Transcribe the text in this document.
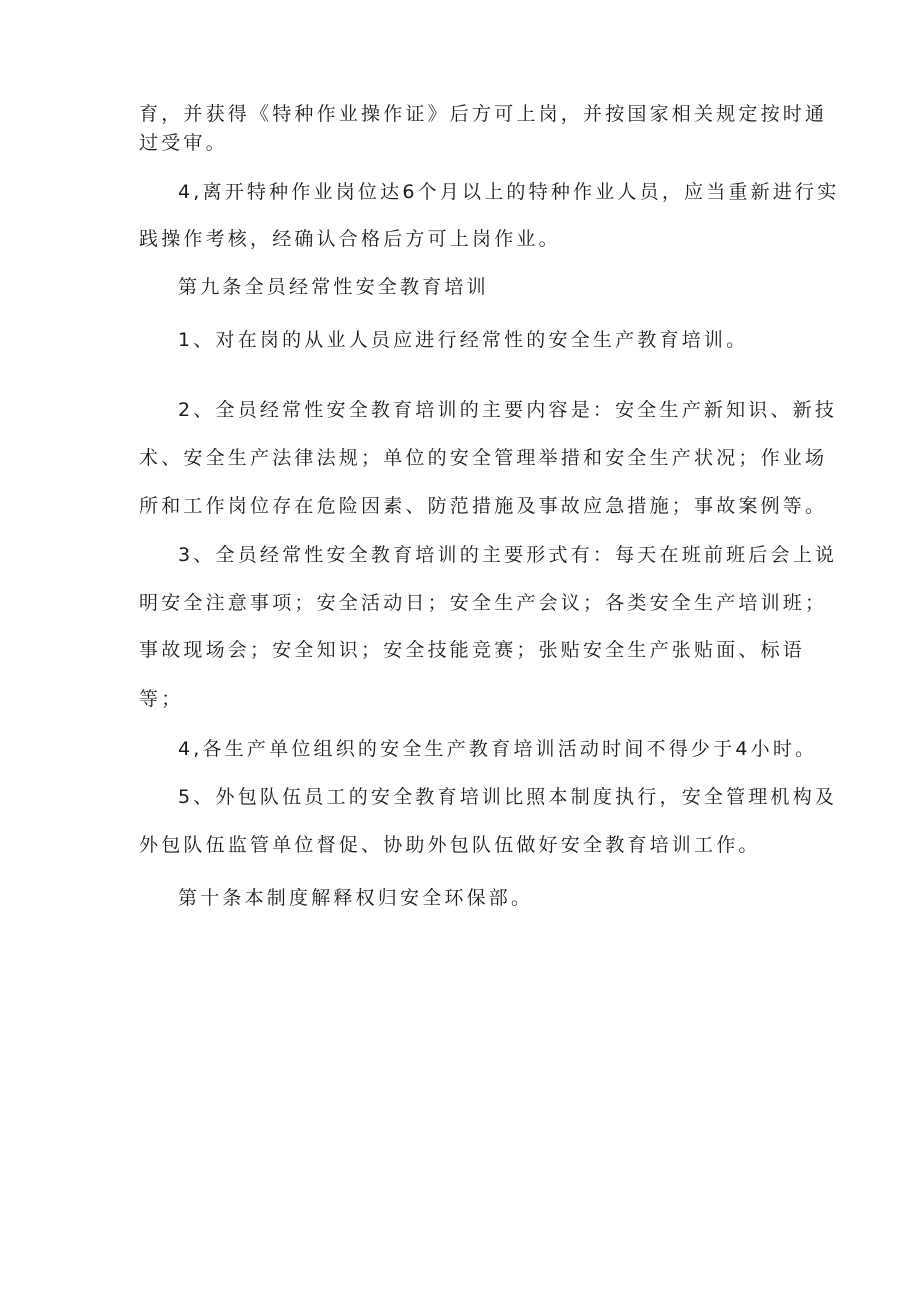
育，并获得《特种作业操作证》后方可上岗，并按国家相关规定按时通
过受审。
4,离开特种作业岗位达6个月以上的特种作业人员，应当重新进行实
践操作考核，经确认合格后方可上岗作业。
第九条全员经常性安全教育培训
1、对在岗的从业人员应进行经常性的安全生产教育培训。
2、全员经常性安全教育培训的主要内容是：安全生产新知识、新技
术、安全生产法律法规；单位的安全管理举措和安全生产状况；作业场
所和工作岗位存在危险因素、防范措施及事故应急措施；事故案例等。
3、全员经常性安全教育培训的主要形式有：每天在班前班后会上说
明安全注意事项；安全活动日；安全生产会议；各类安全生产培训班；
事故现场会；安全知识；安全技能竞赛；张贴安全生产张贴面、标语
等；
4,各生产单位组织的安全生产教育培训活动时间不得少于4小时。
5、外包队伍员工的安全教育培训比照本制度执行，安全管理机构及
外包队伍监管单位督促、协助外包队伍做好安全教育培训工作。
第十条本制度解释权归安全环保部。
